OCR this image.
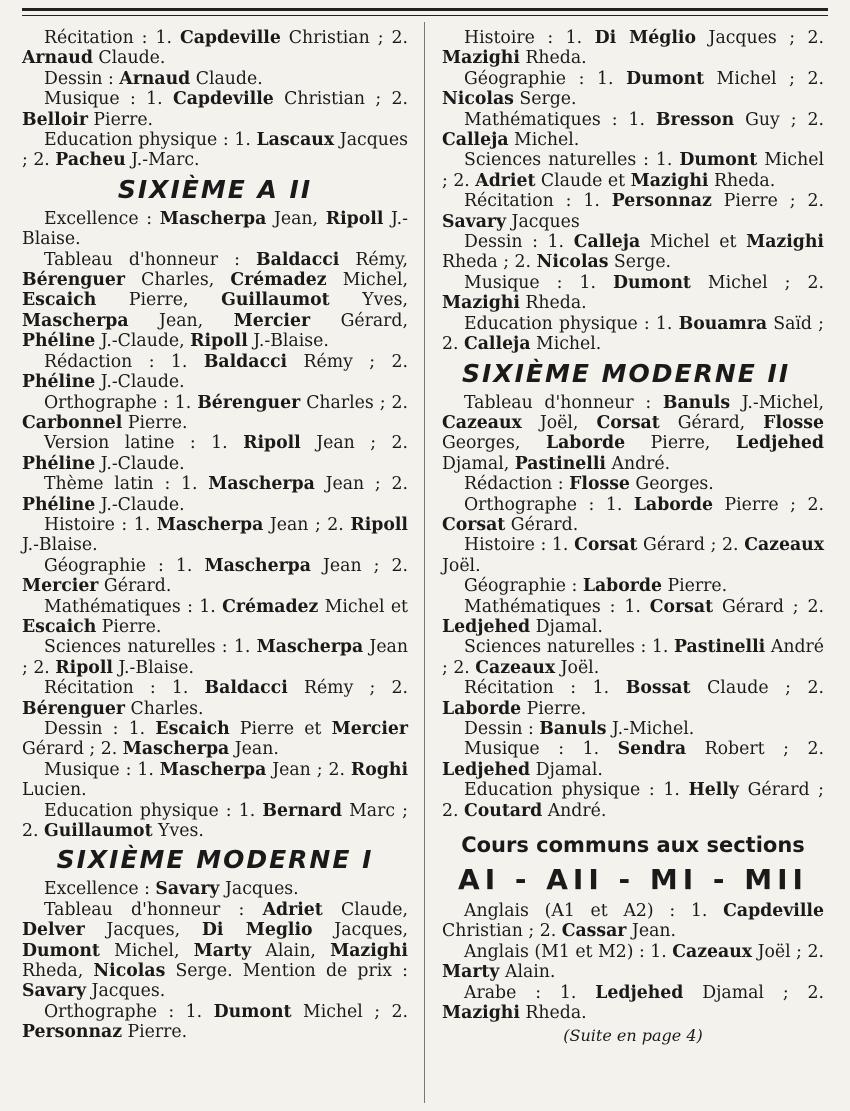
Récitation : 1. Capdeville Christian ; 2. Arnaud Claude.

Dessin : Arnaud Claude.

Musique : 1. Capdeville Christian ; 2. Belloir Pierre.

Education physique : 1. Lascaux Jacques ; 2. Pacheu J.-Marc.

SIXIÈME A II

Excellence : Mascherpa Jean, Ripoll J.-Blaise.

Tableau d'honneur : Baldacci Rémy, Bérenguer Charles, Crémadez Michel, Escaich Pierre, Guillaumot Yves, Mascherpa Jean, Mercier Gérard, Phéline J.-Claude, Ripoll J.-Blaise.

Rédaction : 1. Baldacci Rémy ; 2. Phéline J.-Claude.

Orthographe : 1. Bérenguer Charles ; 2. Carbonnel Pierre.

Version latine : 1. Ripoll Jean ; 2. Phéline J.-Claude.

Thème latin : 1. Mascherpa Jean ; 2. Phéline J.-Claude.

Histoire : 1. Mascherpa Jean ; 2. Ripoll J.-Blaise.

Géographie : 1. Mascherpa Jean ; 2. Mercier Gérard.

Mathématiques : 1. Crémadez Michel et Escaich Pierre.

Sciences naturelles : 1. Mascherpa Jean ; 2. Ripoll J.-Blaise.

Récitation : 1. Baldacci Rémy ; 2. Bérenguer Charles.

Dessin : 1. Escaich Pierre et Mercier Gérard ; 2. Mascherpa Jean.

Musique : 1. Mascherpa Jean ; 2. Roghi Lucien.

Education physique : 1. Bernard Marc ; 2. Guillaumot Yves.

SIXIÈME MODERNE I

Excellence : Savary Jacques.

Tableau d'honneur : Adriet Claude, Delver Jacques, Di Meglio Jacques, Dumont Michel, Marty Alain, Mazighi Rheda, Nicolas Serge. Mention de prix : Savary Jacques.

Orthographe : 1. Dumont Michel ; 2. Personnaz Pierre.

Histoire : 1. Di Méglio Jacques ; 2. Mazighi Rheda.

Géographie : 1. Dumont Michel ; 2. Nicolas Serge.

Mathématiques : 1. Bresson Guy ; 2. Calleja Michel.

Sciences naturelles : 1. Dumont Michel ; 2. Adriet Claude et Mazighi Rheda.

Récitation : 1. Personnaz Pierre ; 2. Savary Jacques

Dessin : 1. Calleja Michel et Mazighi Rheda ; 2. Nicolas Serge.

Musique : 1. Dumont Michel ; 2. Mazighi Rheda.

Education physique : 1. Bouamra Saïd ; 2. Calleja Michel.

SIXIÈME MODERNE II

Tableau d'honneur : Banuls J.-Michel, Cazeaux Joël, Corsat Gérard, Flosse Georges, Laborde Pierre, Ledjehed Djamal, Pastinelli André.

Rédaction : Flosse Georges.

Orthographe : 1. Laborde Pierre ; 2. Corsat Gérard.

Histoire : 1. Corsat Gérard ; 2. Cazeaux Joël.

Géographie : Laborde Pierre.

Mathématiques : 1. Corsat Gérard ; 2. Ledjehed Djamal.

Sciences naturelles : 1. Pastinelli André ; 2. Cazeaux Joël.

Récitation : 1. Bossat Claude ; 2. Laborde Pierre.

Dessin : Banuls J.-Michel.

Musique : 1. Sendra Robert ; 2. Ledjehed Djamal.

Education physique : 1. Helly Gérard ; 2. Coutard André.

Cours communs aux sections
AI - AII - MI - MII

Anglais (A1 et A2) : 1. Capdeville Christian ; 2. Cassar Jean.

Anglais (M1 et M2) : 1. Cazeaux Joël ; 2. Marty Alain.

Arabe : 1. Ledjehed Djamal ; 2. Mazighi Rheda.

(Suite en page 4)
